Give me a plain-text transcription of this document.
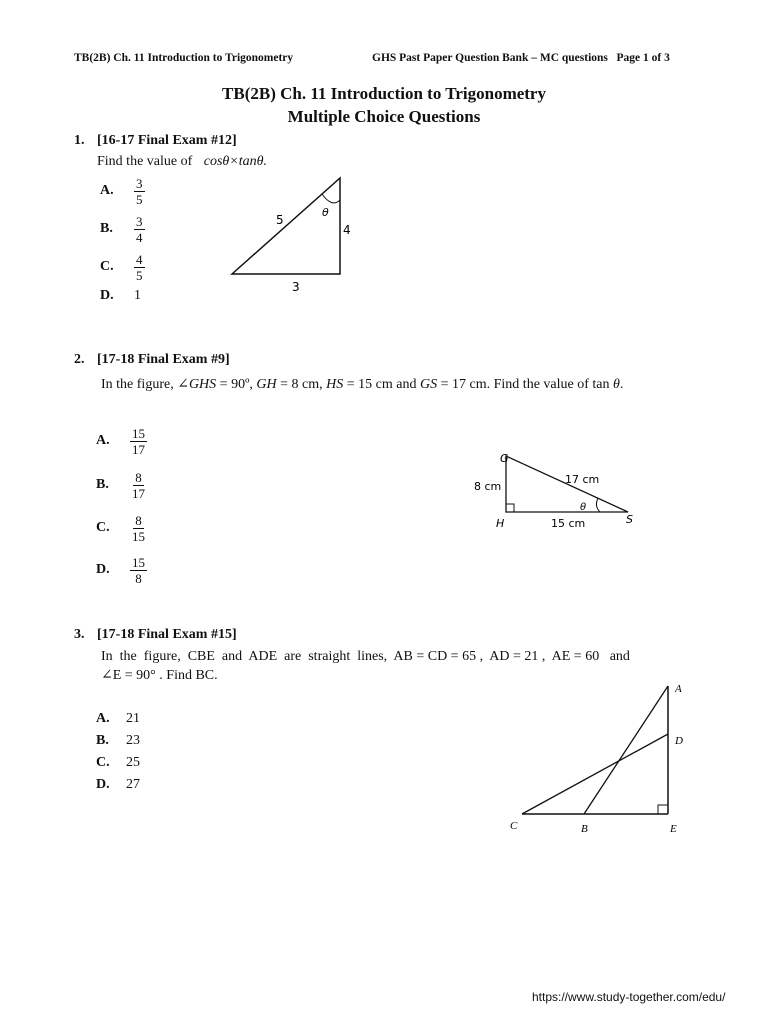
TB(2B) Ch. 11 Introduction to Trigonometry	GHS Past Paper Question Bank – MC questions   Page 1 of 3
TB(2B) Ch. 11 Introduction to Trigonometry
Multiple Choice Questions
1. [16-17 Final Exam #12]
Find the value of cosθ×tanθ.
A.	$\frac{3}{5}$
B.	$\frac{3}{4}$
C.	$\frac{4}{5}$
D.	1
5
4
3
θ
2. [17-18 Final Exam #9]
In the figure, ∠GHS = 90º, GH = 8 cm, HS = 15 cm and GS = 17 cm. Find the value of tan θ.
A.	$\frac{15}{17}$
B.	$\frac{8}{17}$
C.	$\frac{8}{15}$
D.	$\frac{15}{8}$
G
H	S
8 cm
17 cm
15 cm
θ
3. [17-18 Final Exam #15]
In  the  figure,  CBE  and  ADE  are  straight  lines,  AB = CD = 65 ,  AD = 21 ,  AE = 60   and
∠E = 90° . Find BC.
A.	21
B.	23
C.	25
D.	27
A
D
C	B	E
https://www.study-together.com/edu/
